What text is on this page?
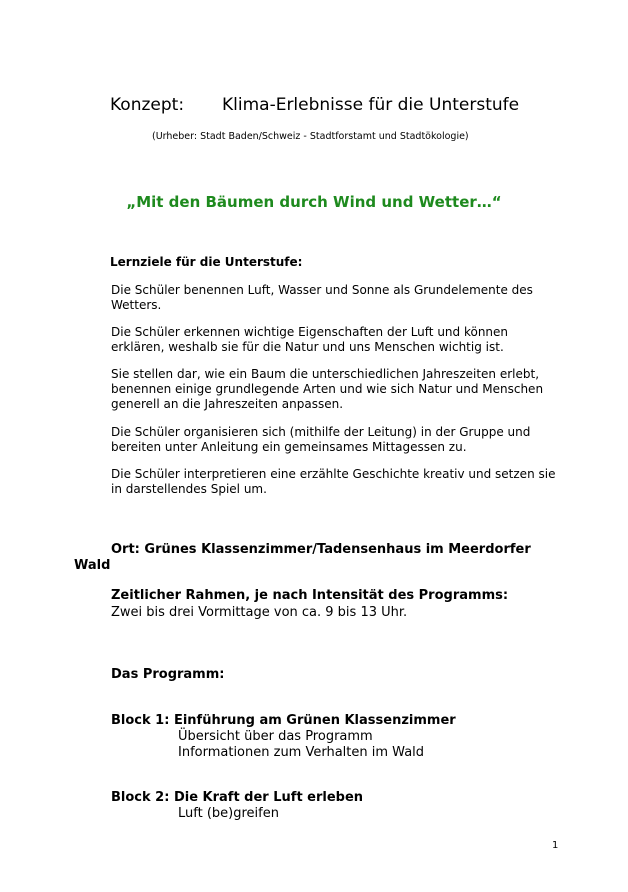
Konzept: Klima-Erlebnisse für die Unterstufe
(Urheber: Stadt Baden/Schweiz - Stadtforstamt und Stadtökologie)
„Mit den Bäumen durch Wind und Wetter…“
Lernziele für die Unterstufe:
Die Schüler benennen Luft, Wasser und Sonne als Grundelemente des Wetters.
Die Schüler erkennen wichtige Eigenschaften der Luft und können erklären, weshalb sie für die Natur und uns Menschen wichtig ist.
Sie stellen dar, wie ein Baum die unterschiedlichen Jahreszeiten erlebt, benennen einige grundlegende Arten und wie sich Natur und Menschen generell an die Jahreszeiten anpassen.
Die Schüler organisieren sich (mithilfe der Leitung) in der Gruppe und bereiten unter Anleitung ein gemeinsames Mittagessen zu.
Die Schüler interpretieren eine erzählte Geschichte kreativ und setzen sie in darstellendes Spiel um.
Ort: Grünes Klassenzimmer/Tadensenhaus im Meerdorfer
Wald
Zeitlicher Rahmen, je nach Intensität des Programms:
Zwei bis drei Vormittage von ca. 9 bis 13 Uhr.
Das Programm:
Block 1: Einführung am Grünen Klassenzimmer
Übersicht über das Programm
Informationen zum Verhalten im Wald
Block 2: Die Kraft der Luft erleben
Luft (be)greifen
1
